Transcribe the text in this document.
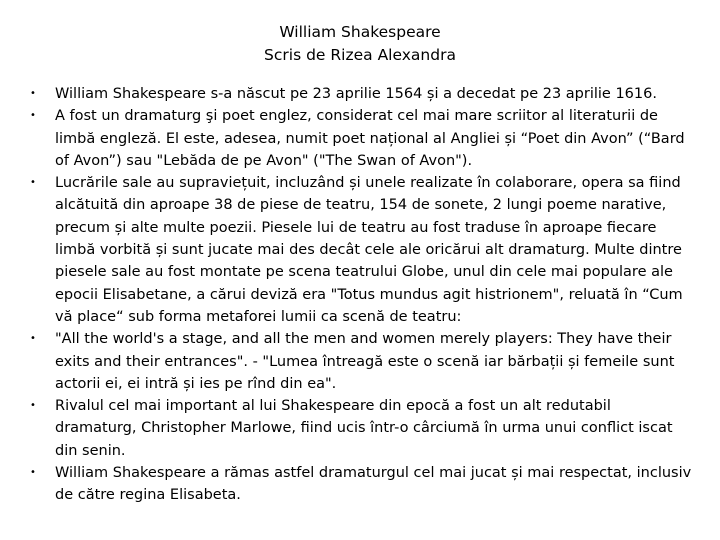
William Shakespeare
Scris de Rizea Alexandra
• William Shakespeare s-a născut pe 23 aprilie 1564 și a decedat pe 23 aprilie 1616.
• A fost un dramaturg şi poet englez, considerat cel mai mare scriitor al literaturii de limbă engleză. El este, adesea, numit poet național al Angliei și “Poet din Avon” (“Bard of Avon”) sau "Lebăda de pe Avon" ("The Swan of Avon").
• Lucrările sale au supraviețuit, incluzând și unele realizate în colaborare, opera sa fiind alcătuită din aproape 38 de piese de teatru, 154 de sonete, 2 lungi poeme narative, precum și alte multe poezii. Piesele lui de teatru au fost traduse în aproape fiecare limbă vorbită și sunt jucate mai des decât cele ale oricărui alt dramaturg. Multe dintre piesele sale au fost montate pe scena teatrului Globe, unul din cele mai populare ale epocii Elisabetane, a cărui deviză era "Totus mundus agit histrionem", reluată în “Cum vă place“ sub forma metaforei lumii ca scenă de teatru:
• "All the world's a stage, and all the men and women merely players: They have their exits and their entrances". - "Lumea întreagă este o scenă iar bărbații și femeile sunt actorii ei, ei intră și ies pe rînd din ea".
• Rivalul cel mai important al lui Shakespeare din epocă a fost un alt redutabil dramaturg, Christopher Marlowe, fiind ucis într-o cârciumă în urma unui conflict iscat din senin.
• William Shakespeare a rămas astfel dramaturgul cel mai jucat și mai respectat, inclusiv de către regina Elisabeta.
